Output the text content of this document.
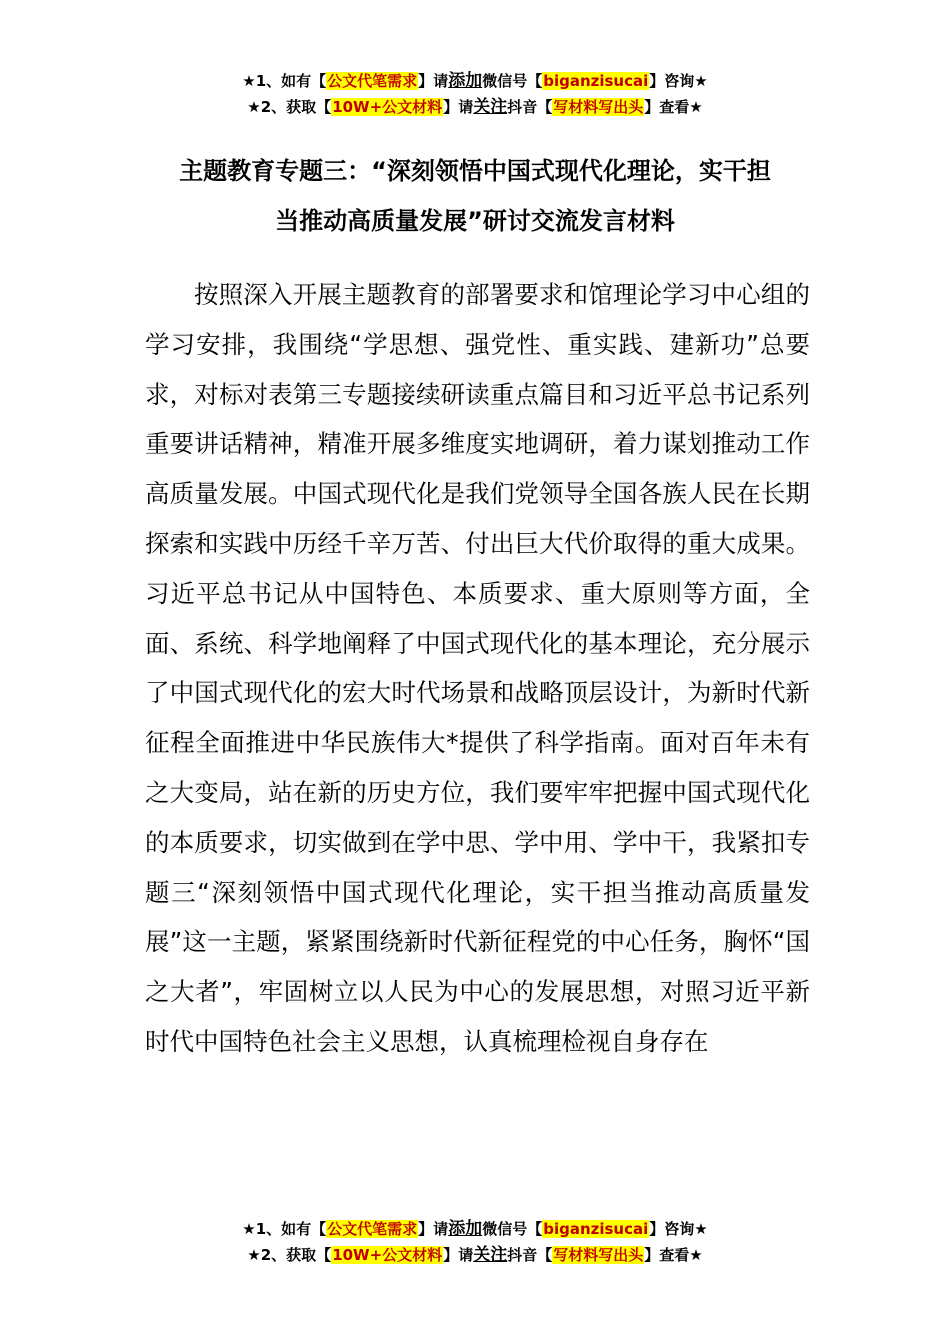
★1、如有【公文代笔需求】请添加微信号【biganzisucai】咨询★
★2、获取【10W+公文材料】请关注抖音【写材料写出头】查看★
主题教育专题三：“深刻领悟中国式现代化理论，实干担
当推动高质量发展”研讨交流发言材料

按照深入开展主题教育的部署要求和馆理论学习中心组的学习安排，我围绕“学思想、强党性、重实践、建新功”总要求，对标对表第三专题接续研读重点篇目和习近平总书记系列重要讲话精神，精准开展多维度实地调研，着力谋划推动工作高质量发展。中国式现代化是我们党领导全国各族人民在长期探索和实践中历经千辛万苦、付出巨大代价取得的重大成果。习近平总书记从中国特色、本质要求、重大原则等方面，全面、系统、科学地阐释了中国式现代化的基本理论，充分展示了中国式现代化的宏大时代场景和战略顶层设计，为新时代新征程全面推进中华民族伟大*提供了科学指南。面对百年未有之大变局，站在新的历史方位，我们要牢牢把握中国式现代化的本质要求，切实做到在学中思、学中用、学中干，我紧扣专题三“深刻领悟中国式现代化理论，实干担当推动高质量发展”这一主题，紧紧围绕新时代新征程党的中心任务，胸怀“国之大者”，牢固树立以人民为中心的发展思想，对照习近平新时代中国特色社会主义思想，认真梳理检视自身存在

★1、如有【公文代笔需求】请添加微信号【biganzisucai】咨询★
★2、获取【10W+公文材料】请关注抖音【写材料写出头】查看★
